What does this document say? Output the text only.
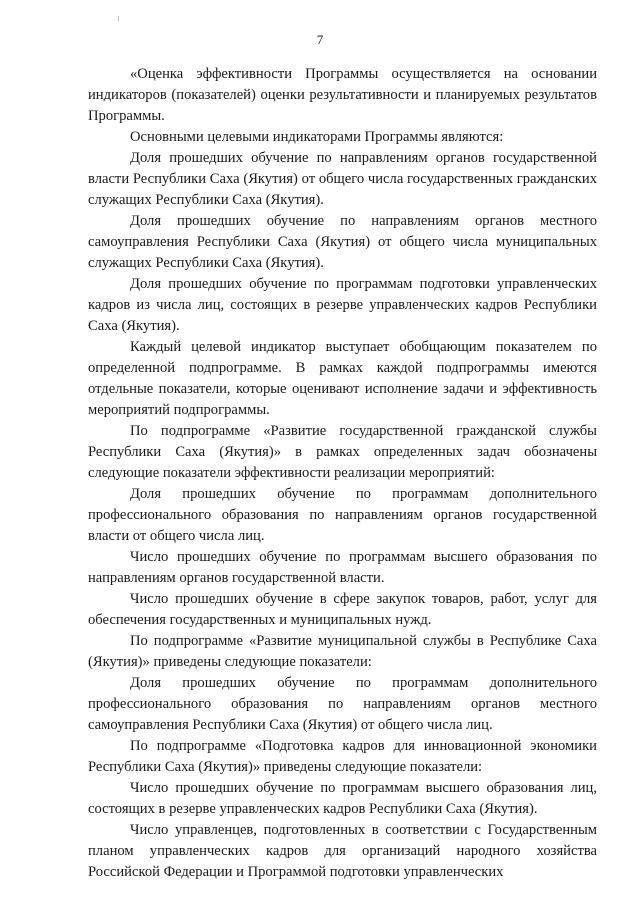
7

«Оценка эффективности Программы осуществляется на основании индикаторов (показателей) оценки результативности и планируемых результатов Программы.

Основными целевыми индикаторами Программы являются:

Доля прошедших обучение по направлениям органов государственной власти Республики Саха (Якутия) от общего числа государственных гражданских служащих Республики Саха (Якутия).

Доля прошедших обучение по направлениям органов местного самоуправления Республики Саха (Якутия) от общего числа муниципальных служащих Республики Саха (Якутия).

Доля прошедших обучение по программам подготовки управленческих кадров из числа лиц, состоящих в резерве управленческих кадров Республики Саха (Якутия).

Каждый целевой индикатор выступает обобщающим показателем по определенной подпрограмме. В рамках каждой подпрограммы имеются отдельные показатели, которые оценивают исполнение задачи и эффективность мероприятий подпрограммы.

По подпрограмме «Развитие государственной гражданской службы Республики Саха (Якутия)» в рамках определенных задач обозначены следующие показатели эффективности реализации мероприятий:

Доля прошедших обучение по программам дополнительного профессионального образования по направлениям органов государственной власти от общего числа лиц.

Число прошедших обучение по программам высшего образования по направлениям органов государственной власти.

Число прошедших обучение в сфере закупок товаров, работ, услуг для обеспечения государственных и муниципальных нужд.

По подпрограмме «Развитие муниципальной службы в Республике Саха (Якутия)» приведены следующие показатели:

Доля прошедших обучение по программам дополнительного профессионального образования по направлениям органов местного самоуправления Республики Саха (Якутия) от общего числа лиц.

По подпрограмме «Подготовка кадров для инновационной экономики Республики Саха (Якутия)» приведены следующие показатели:

Число прошедших обучение по программам высшего образования лиц, состоящих в резерве управленческих кадров Республики Саха (Якутия).

Число управленцев, подготовленных в соответствии с Государственным планом управленческих кадров для организаций народного хозяйства Российской Федерации и Программой подготовки управленческих
